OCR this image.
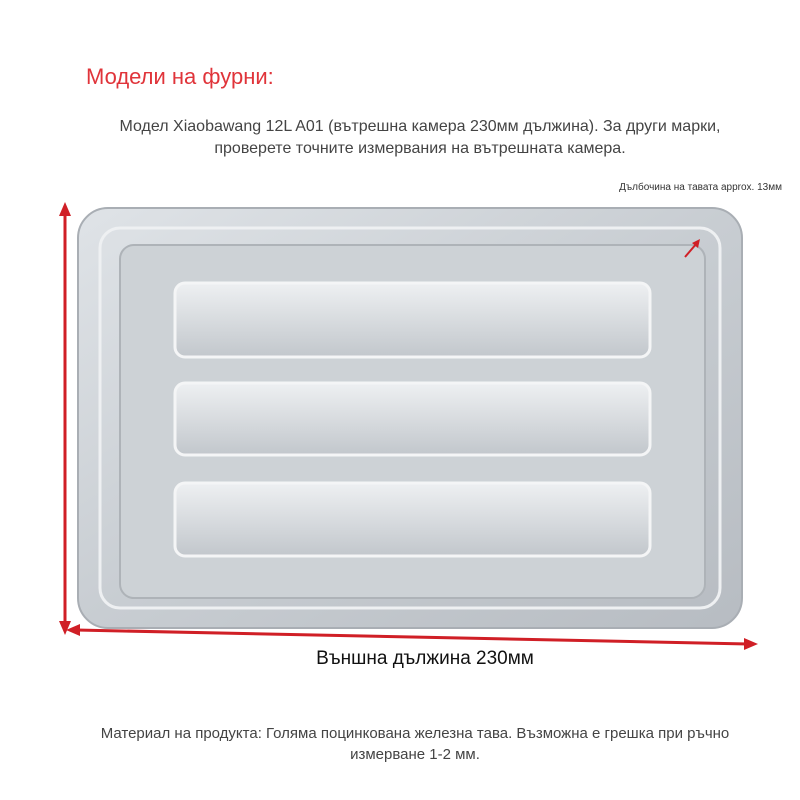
Модели на фурни:
Модел Xiaobawang 12L A01 (вътрешна камера 230мм дължина). За други марки, проверете точните измервания на вътрешната камера.
Дълбочина на тавата approx. 13мм
Външна дължина 230мм
Материал на продукта: Голяма поцинкована железна тава. Възможна е грешка при ръчно измерване 1-2 мм.
